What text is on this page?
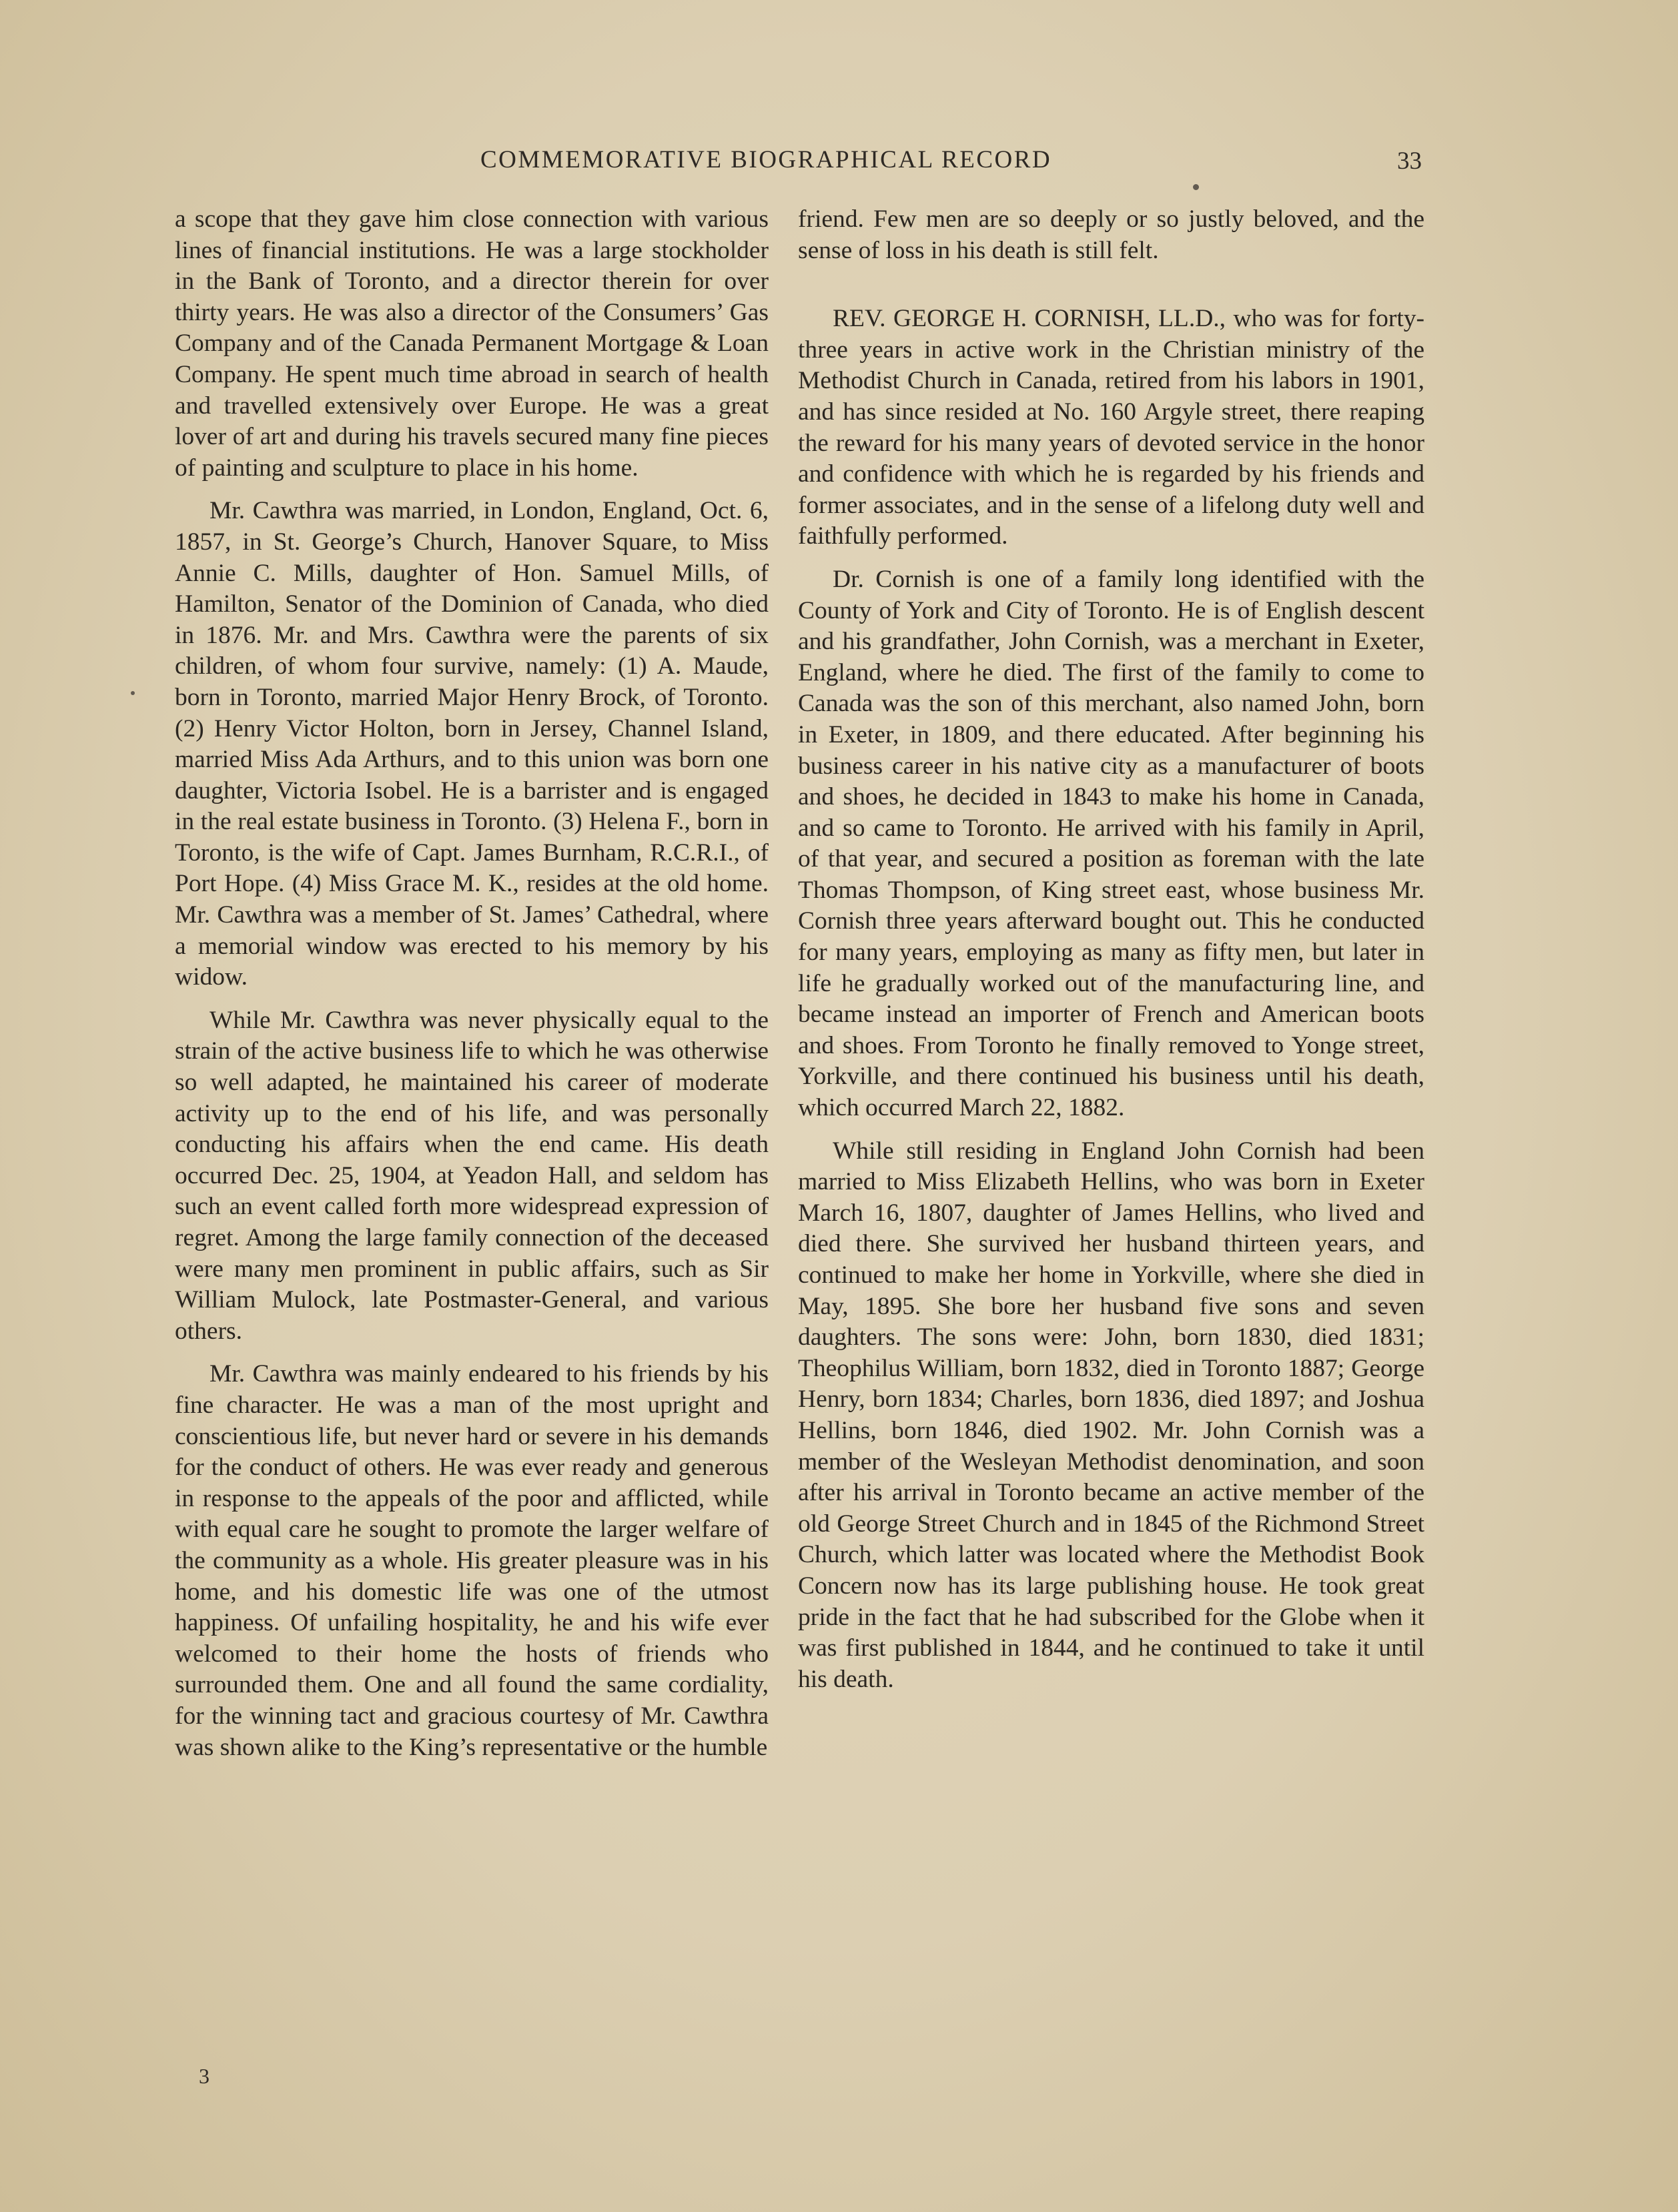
COMMEMORATIVE BIOGRAPHICAL RECORD	33

a scope that they gave him close connection with various lines of financial institutions. He was a large stockholder in the Bank of Toronto, and a director therein for over thirty years. He was also a director of the Consumers’ Gas Company and of the Canada Permanent Mortgage & Loan Company. He spent much time abroad in search of health and travelled extensively over Europe. He was a great lover of art and during his travels secured many fine pieces of painting and sculpture to place in his home.

Mr. Cawthra was married, in London, England, Oct. 6, 1857, in St. George’s Church, Hanover Square, to Miss Annie C. Mills, daughter of Hon. Samuel Mills, of Hamilton, Senator of the Dominion of Canada, who died in 1876. Mr. and Mrs. Cawthra were the parents of six children, of whom four survive, namely: (1) A. Maude, born in Toronto, married Major Henry Brock, of Toronto. (2) Henry Victor Holton, born in Jersey, Channel Island, married Miss Ada Arthurs, and to this union was born one daughter, Victoria Isobel. He is a barrister and is engaged in the real estate business in Toronto. (3) Helena F., born in Toronto, is the wife of Capt. James Burnham, R.C.R.I., of Port Hope. (4) Miss Grace M. K., resides at the old home. Mr. Cawthra was a member of St. James’ Cathedral, where a memorial window was erected to his memory by his widow.

While Mr. Cawthra was never physically equal to the strain of the active business life to which he was otherwise so well adapted, he maintained his career of moderate activity up to the end of his life, and was personally conducting his affairs when the end came. His death occurred Dec. 25, 1904, at Yeadon Hall, and seldom has such an event called forth more widespread expression of regret. Among the large family connection of the deceased were many men prominent in public affairs, such as Sir William Mulock, late Postmaster-General, and various others.

Mr. Cawthra was mainly endeared to his friends by his fine character. He was a man of the most upright and conscientious life, but never hard or severe in his demands for the conduct of others. He was ever ready and generous in response to the appeals of the poor and afflicted, while with equal care he sought to promote the larger welfare of the community as a whole. His greater pleasure was in his home, and his domestic life was one of the utmost happiness. Of unfailing hospitality, he and his wife ever welcomed to their home the hosts of friends who surrounded them. One and all found the same cordiality, for the winning tact and gracious courtesy of Mr. Cawthra was shown alike to the King’s representative or the humble

3

friend. Few men are so deeply or so justly beloved, and the sense of loss in his death is still felt.

REV. GEORGE H. CORNISH, LL.D., who was for forty-three years in active work in the Christian ministry of the Methodist Church in Canada, retired from his labors in 1901, and has since resided at No. 160 Argyle street, there reaping the reward for his many years of devoted service in the honor and confidence with which he is regarded by his friends and former associates, and in the sense of a lifelong duty well and faithfully performed.

Dr. Cornish is one of a family long identified with the County of York and City of Toronto. He is of English descent and his grandfather, John Cornish, was a merchant in Exeter, England, where he died. The first of the family to come to Canada was the son of this merchant, also named John, born in Exeter, in 1809, and there educated. After beginning his business career in his native city as a manufacturer of boots and shoes, he decided in 1843 to make his home in Canada, and so came to Toronto. He arrived with his family in April, of that year, and secured a position as foreman with the late Thomas Thompson, of King street east, whose business Mr. Cornish three years afterward bought out. This he conducted for many years, employing as many as fifty men, but later in life he gradually worked out of the manufacturing line, and became instead an importer of French and American boots and shoes. From Toronto he finally removed to Yonge street, Yorkville, and there continued his business until his death, which occurred March 22, 1882.

While still residing in England John Cornish had been married to Miss Elizabeth Hellins, who was born in Exeter March 16, 1807, daughter of James Hellins, who lived and died there. She survived her husband thirteen years, and continued to make her home in Yorkville, where she died in May, 1895. She bore her husband five sons and seven daughters. The sons were: John, born 1830, died 1831; Theophilus William, born 1832, died in Toronto 1887; George Henry, born 1834; Charles, born 1836, died 1897; and Joshua Hellins, born 1846, died 1902. Mr. John Cornish was a member of the Wesleyan Methodist denomination, and soon after his arrival in Toronto became an active member of the old George Street Church and in 1845 of the Richmond Street Church, which latter was located where the Methodist Book Concern now has its large publishing house. He took great pride in the fact that he had subscribed for the Globe when it was first published in 1844, and he continued to take it until his death.
